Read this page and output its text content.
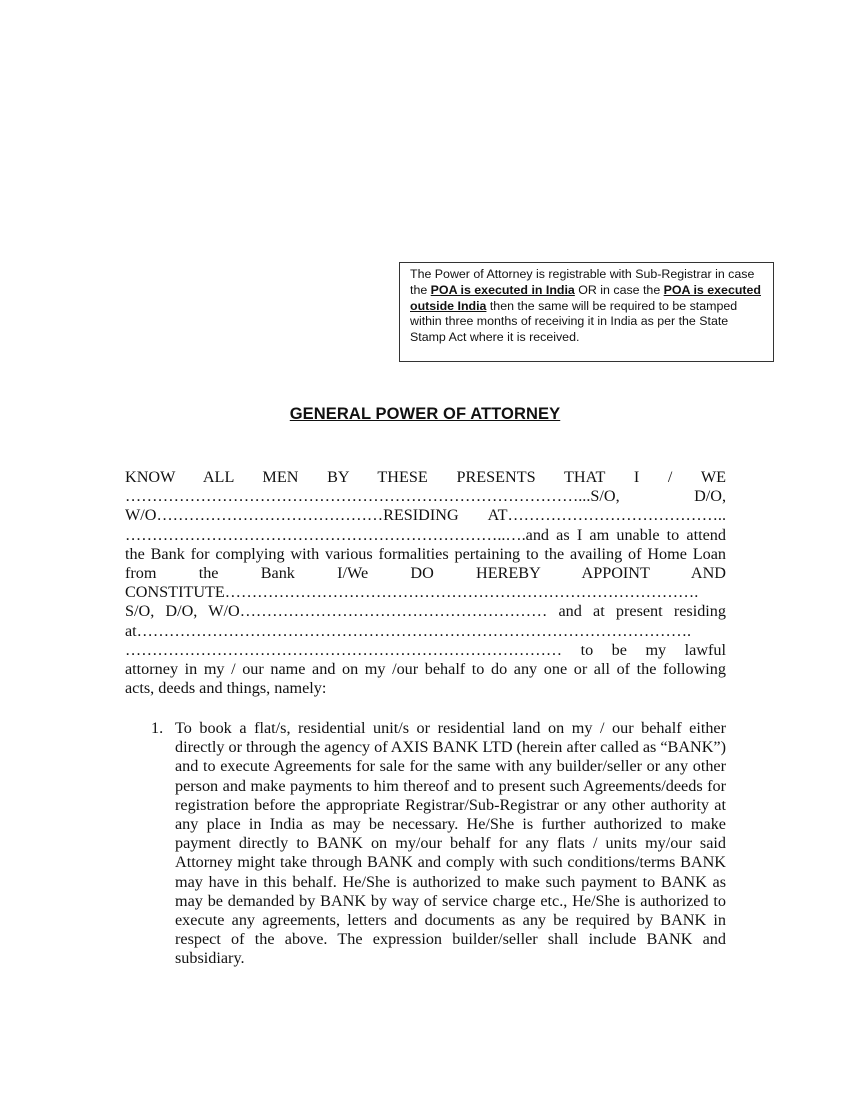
The Power of Attorney is registrable with Sub-Registrar in case the POA is executed in India OR in case the POA is executed outside India then the same will be required to be stamped within three months of receiving it in India as per the State Stamp Act where it is received.
GENERAL POWER OF ATTORNEY
KNOW ALL MEN BY THESE PRESENTS THAT I / WE
…………………………………………………………………………...S/O, D/O,
W/O……………………………………RESIDING AT…………………………………..
……………………………………………………………..….and as I am unable to attend
the Bank for complying with various formalities pertaining to the availing of Home Loan
from the Bank I/We DO HEREBY APPOINT AND
CONSTITUTE…………………………………………………………………………….
S/O, D/O, W/O………………………………………………… and at present residing
at………………………………………………………………………………………….
……………………………………………………………………… to be my lawful
attorney in my / our name and on my /our behalf to do any one or all of the following
acts, deeds and things, namely:
1. To book a flat/s, residential unit/s or residential land on my / our behalf either directly or through the agency of AXIS BANK LTD (herein after called as “BANK”) and to execute Agreements for sale for the same with any builder/seller or any other person and make payments to him thereof and to present such Agreements/deeds for registration before the appropriate Registrar/Sub-Registrar or any other authority at any place in India as may be necessary. He/She is further authorized to make payment directly to BANK on my/our behalf for any flats / units my/our said Attorney might take through BANK and comply with such conditions/terms BANK may have in this behalf. He/She is authorized to make such payment to BANK as may be demanded by BANK by way of service charge etc., He/She is authorized to execute any agreements, letters and documents as any be required by BANK in respect of the above. The expression builder/seller shall include BANK and subsidiary.
